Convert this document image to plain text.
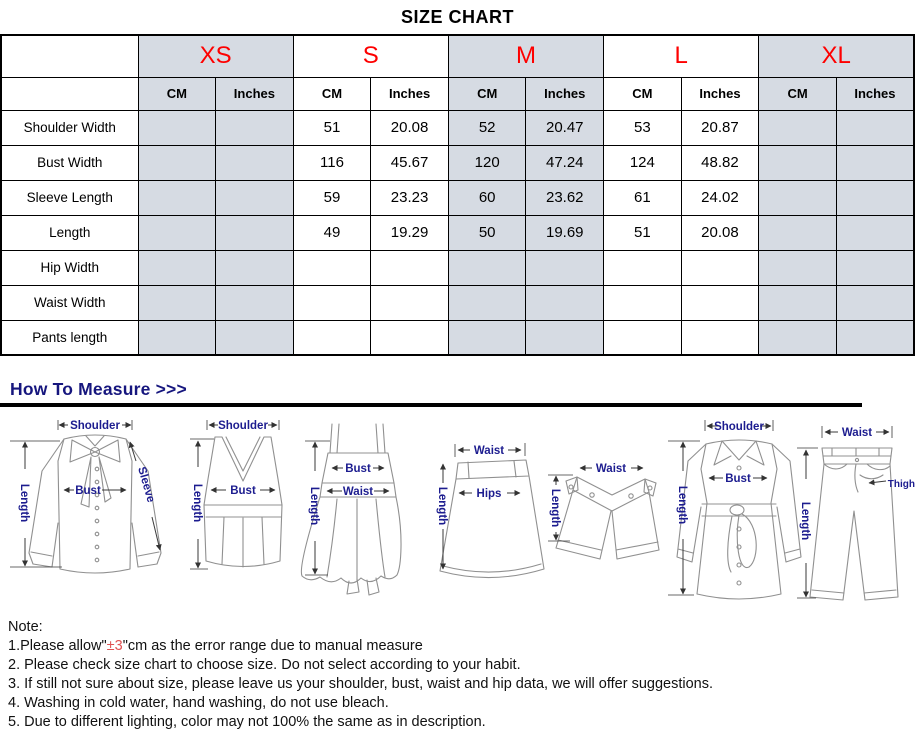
SIZE CHART
	XS		S		M		L		XL	
	CM	Inches	CM	Inches	CM	Inches	CM	Inches	CM	Inches
Shoulder Width			51	20.08	52	20.47	53	20.87		
Bust Width			116	45.67	120	47.24	124	48.82		
Sleeve Length			59	23.23	60	23.62	61	24.02		
Length			49	19.29	50	19.69	51	20.08		
Hip Width										
Waist Width										
Pants length										
How To Measure >>>
Shoulder
Length	Bust	Sleeve
Shoulder
Length Bust	Length
Bust
Waist
Waist
Length Hips
Waist
Length
Shoulder
Length
Bust
Waist
Length
Thigh
Note:
1.Please allow"±3"cm as the error range due to manual measure
2. Please check size chart to choose size. Do not select according to your habit.
3. If still not sure about size, please leave us your shoulder, bust, waist and hip data, we will offer suggestions.
4. Washing in cold water, hand washing, do not use bleach.
5. Due to different lighting, color may not 100% the same as in description.
